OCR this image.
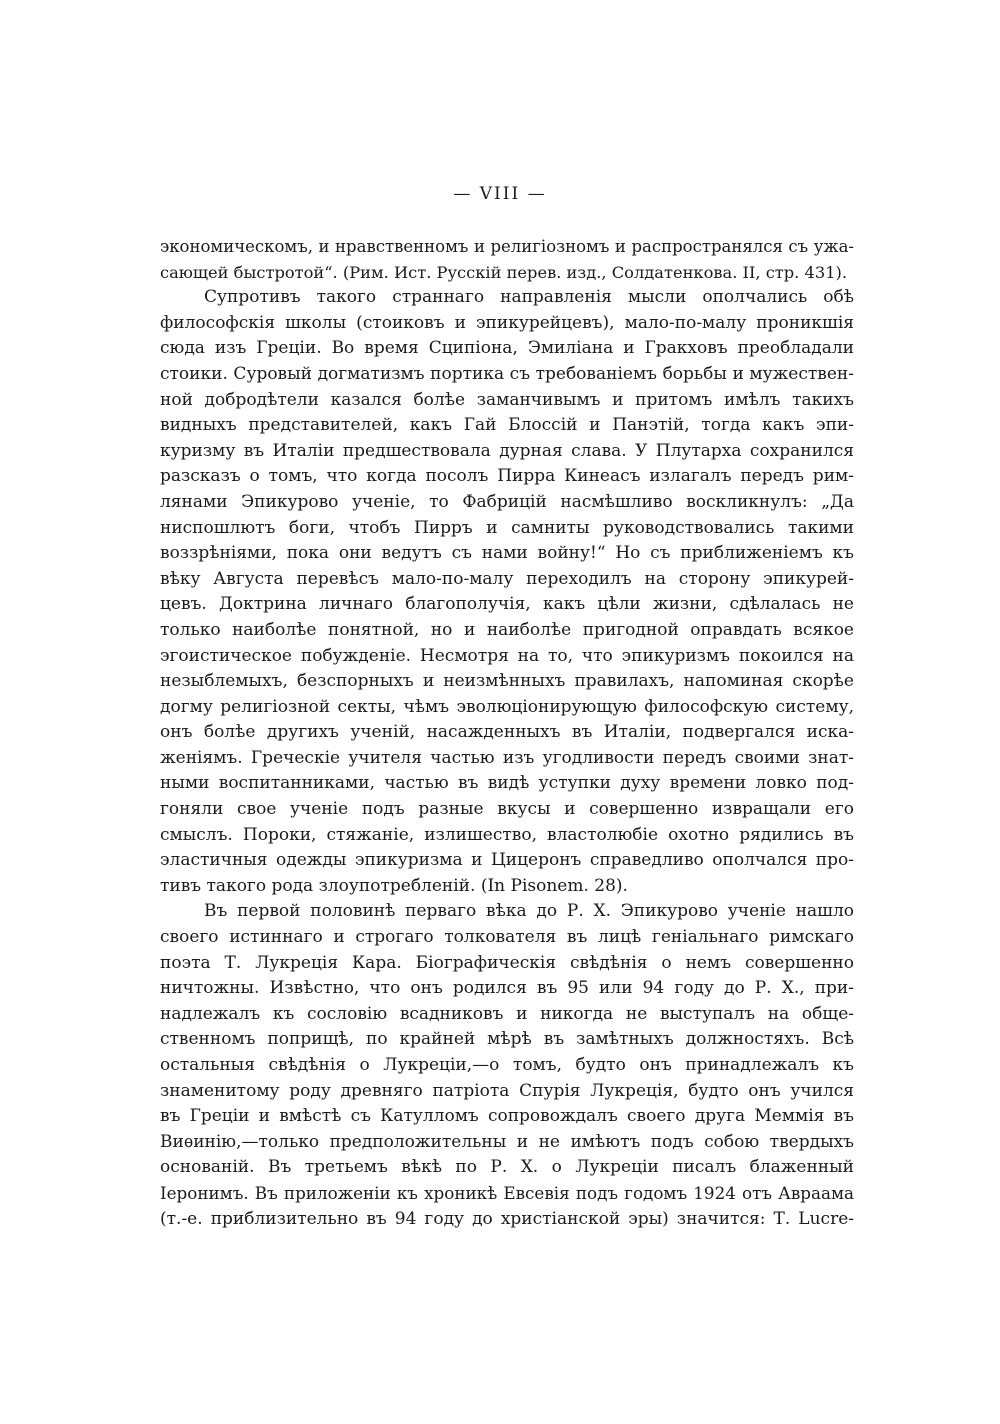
— VIII —
экономическомъ, и нравственномъ и религіозномъ и распространялся съ ужа-
сающей быстротой“. (Рим. Ист. Русскій перев. изд., Солдатенкова. II, стр. 431).
Супротивъ такого страннаго направленія мысли ополчались обѣ
философскія школы (стоиковъ и эпикурейцевъ), мало-по-малу проникшія
сюда изъ Греціи. Во время Сципіона, Эмиліана и Гракховъ преобладали
стоики. Суровый догматизмъ портика съ требованіемъ борьбы и мужествен-
ной добродѣтели казался болѣе заманчивымъ и притомъ имѣлъ такихъ
видныхъ представителей, какъ Гай Блоссій и Панэтій, тогда какъ эпи-
куризму въ Италіи предшествовала дурная слава. У Плутарха сохранился
разсказъ о томъ, что когда посолъ Пирра Кинеасъ излагалъ передъ рим-
лянами Эпикурово ученіе, то Фабрицій насмѣшливо воскликнулъ: „Да
ниспошлютъ боги, чтобъ Пирръ и самниты руководствовались такими
воззрѣніями, пока они ведутъ съ нами войну!“ Но съ приближеніемъ къ
вѣку Августа перевѣсъ мало-по-малу переходилъ на сторону эпикурей-
цевъ. Доктрина личнаго благополучія, какъ цѣли жизни, сдѣлалась не
только наиболѣе понятной, но и наиболѣе пригодной оправдать всякое
эгоистическое побужденіе. Несмотря на то, что эпикуризмъ покоился на
незыблемыхъ, безспорныхъ и неизмѣнныхъ правилахъ, напоминая скорѣе
догму религіозной секты, чѣмъ эволюціонирующую философскую систему,
онъ болѣе другихъ ученій, насажденныхъ въ Италіи, подвергался иска-
женіямъ. Греческіе учителя частью изъ угодливости передъ своими знат-
ными воспитанниками, частью въ видѣ уступки духу времени ловко под-
гоняли свое ученіе подъ разные вкусы и совершенно извращали его
смыслъ. Пороки, стяжаніе, излишество, властолюбіе охотно рядились въ
эластичныя одежды эпикуризма и Цицеронъ справедливо ополчался про-
тивъ такого рода злоупотребленій. (In Pisonem. 28).
Въ первой половинѣ перваго вѣка до Р. Х. Эпикурово ученіе нашло
своего истиннаго и строгаго толкователя въ лицѣ геніальнаго римскаго
поэта Т. Лукреція Кара. Біографическія свѣдѣнія о немъ совершенно
ничтожны. Извѣстно, что онъ родился въ 95 или 94 году до Р. Х., при-
надлежалъ къ сословію всадниковъ и никогда не выступалъ на обще-
ственномъ поприщѣ, по крайней мѣрѣ въ замѣтныхъ должностяхъ. Всѣ
остальныя свѣдѣнія о Лукреціи,—о томъ, будто онъ принадлежалъ къ
знаменитому роду древняго патріота Спурія Лукреція, будто онъ учился
въ Греціи и вмѣстѣ съ Катулломъ сопровождалъ своего друга Меммія въ
Виѳинію,—только предположительны и не имѣютъ подъ собою твердыхъ
основаній. Въ третьемъ вѣкѣ по Р. Х. о Лукреціи писалъ блаженный
Іеронимъ. Въ приложеніи къ хроникѣ Евсевія подъ годомъ 1924 отъ Авраама
(т.-е. приблизительно въ 94 году до христіанской эры) значится: Т. Lucre-
